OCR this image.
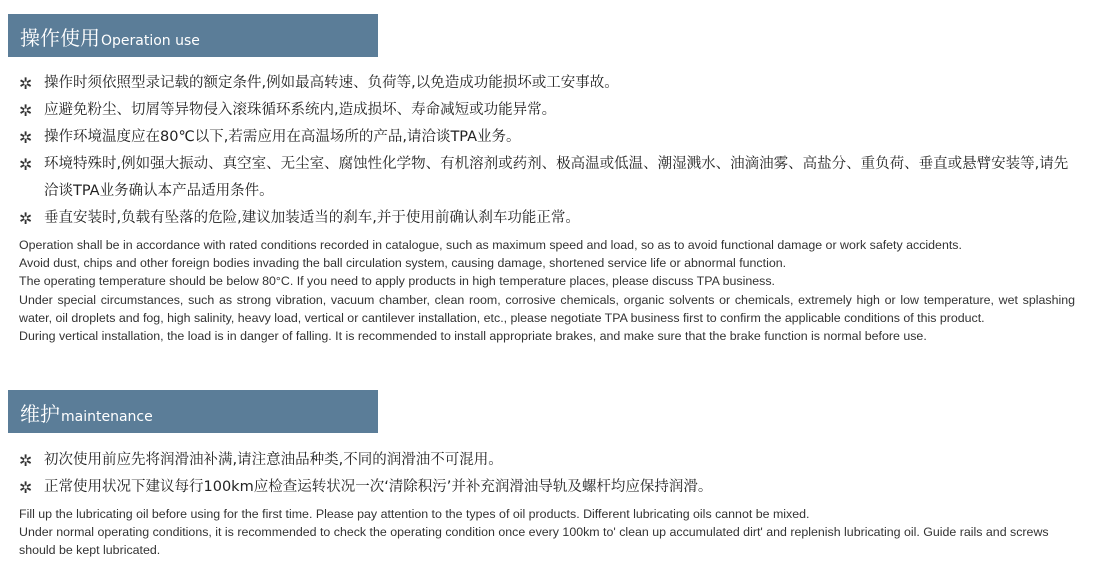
操作使用 Operation use
✲ 操作时须依照型录记载的额定条件,例如最高转速、负荷等,以免造成功能损坏或工安事故。
✲ 应避免粉尘、切屑等异物侵入滚珠循环系统内,造成损坏、寿命减短或功能异常。
✲ 操作环境温度应在80℃以下,若需应用在高温场所的产品,请洽谈TPA业务。
✲ 环境特殊时,例如强大振动、真空室、无尘室、腐蚀性化学物、有机溶剂或药剂、极高温或低温、潮湿溅水、油滴油雾、高盐分、重负荷、垂直或悬臂安装等,请先洽谈TPA业务确认本产品适用条件。
✲ 垂直安装时,负载有坠落的危险,建议加装适当的刹车,并于使用前确认刹车功能正常。

Operation shall be in accordance with rated conditions recorded in catalogue, such as maximum speed and load, so as to avoid functional damage or work safety accidents.

Avoid dust, chips and other foreign bodies invading the ball circulation system, causing damage, shortened service life or abnormal function.

The operating temperature should be below 80°C. If you need to apply products in high temperature places, please discuss TPA business.

Under special circumstances, such as strong vibration, vacuum chamber, clean room, corrosive chemicals, organic solvents or chemicals, extremely high or low temperature, wet splashing water, oil droplets and fog, high salinity, heavy load, vertical or cantilever installation, etc., please negotiate TPA business first to confirm the applicable conditions of this product.

During vertical installation, the load is in danger of falling. It is recommended to install appropriate brakes, and make sure that the brake function is normal before use.

维护 maintenance
✲ 初次使用前应先将润滑油补满,请注意油品种类,不同的润滑油不可混用。
✲ 正常使用状况下建议每行100km应检查运转状况一次‘清除积污’并补充润滑油导轨及螺杆均应保持润滑。

Fill up the lubricating oil before using for the first time. Please pay attention to the types of oil products. Different lubricating oils cannot be mixed.

Under normal operating conditions, it is recommended to check the operating condition once every 100km to' clean up accumulated dirt' and replenish lubricating oil. Guide rails and screws should be kept lubricated.
